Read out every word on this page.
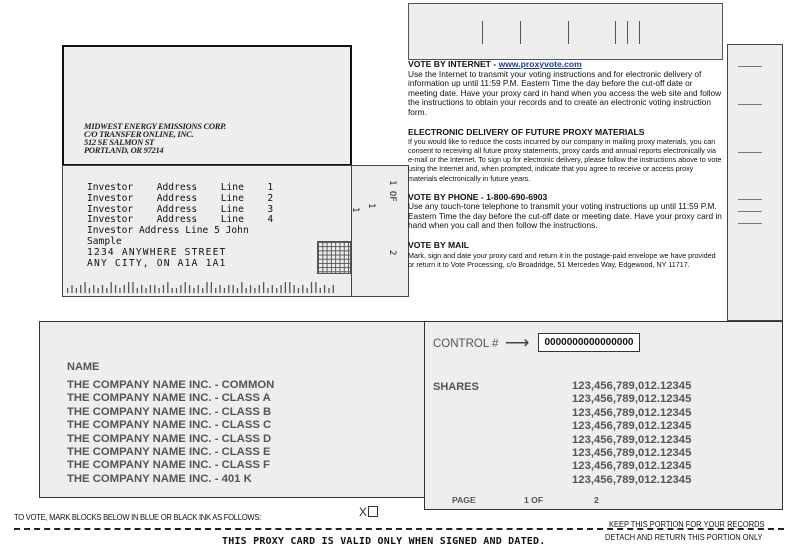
MIDWEST ENERGY EMISSIONS CORP.
C/O TRANSFER ONLINE, INC.
512 SE SALMON ST
PORTLAND, OR 97214
Investor  Address  Line  1
Investor  Address  Line  2
Investor  Address  Line  3
Investor  Address  Line  4
Investor Address Line 5 John
Sample
1234 ANYWHERE STREET
ANY CITY, ON A1A 1A1
1 OF
1
1
2

VOTE BY INTERNET - www.proxyvote.com

Use the Internet to transmit your voting instructions and for electronic delivery of information up until 11:59 P.M. Eastern Time the day before the cut-off date or meeting date. Have your proxy card in hand when you access the web site and follow the instructions to obtain your records and to create an electronic voting instruction form.

ELECTRONIC DELIVERY OF FUTURE PROXY MATERIALS

If you would like to reduce the costs incurred by our company in mailing proxy materials, you can consent to receiving all future proxy statements, proxy cards and annual reports electronically via e-mail or the Internet. To sign up for electronic delivery, please follow the instructions above to vote using the Internet and, when prompted, indicate that you agree to receive or access proxy materials electronically in future years.

VOTE BY PHONE - 1-800-690-6903

Use any touch-tone telephone to transmit your voting instructions up until 11:59 P.M. Eastern Time the day before the cut-off date or meeting date. Have your proxy card in hand when you call and then follow the instructions.

VOTE BY MAIL

Mark, sign and date your proxy card and return it in the postage-paid envelope we have provided or return it to Vote Processing, c/o Broadridge, 51 Mercedes Way, Edgewood, NY 11717.

NAME
THE COMPANY NAME INC. - COMMON
THE COMPANY NAME INC. - CLASS A
THE COMPANY NAME INC. - CLASS B
THE COMPANY NAME INC. - CLASS C
THE COMPANY NAME INC. - CLASS D
THE COMPANY NAME INC. - CLASS E
THE COMPANY NAME INC. - CLASS F
THE COMPANY NAME INC. - 401 K
CONTROL # ⟶	0000000000000000
SHARES	123,456,789,012.12345
123,456,789,012.12345
123,456,789,012.12345
123,456,789,012.12345
123,456,789,012.12345
123,456,789,012.12345
123,456,789,012.12345
123,456,789,012.12345
PAGE	1 OF	2
TO VOTE, MARK BLOCKS BELOW IN BLUE OR BLACK INK AS FOLLOWS:	X
KEEP THIS PORTION FOR YOUR RECORDS
DETACH AND RETURN THIS PORTION ONLY
THIS PROXY CARD IS VALID ONLY WHEN SIGNED AND DATED.
